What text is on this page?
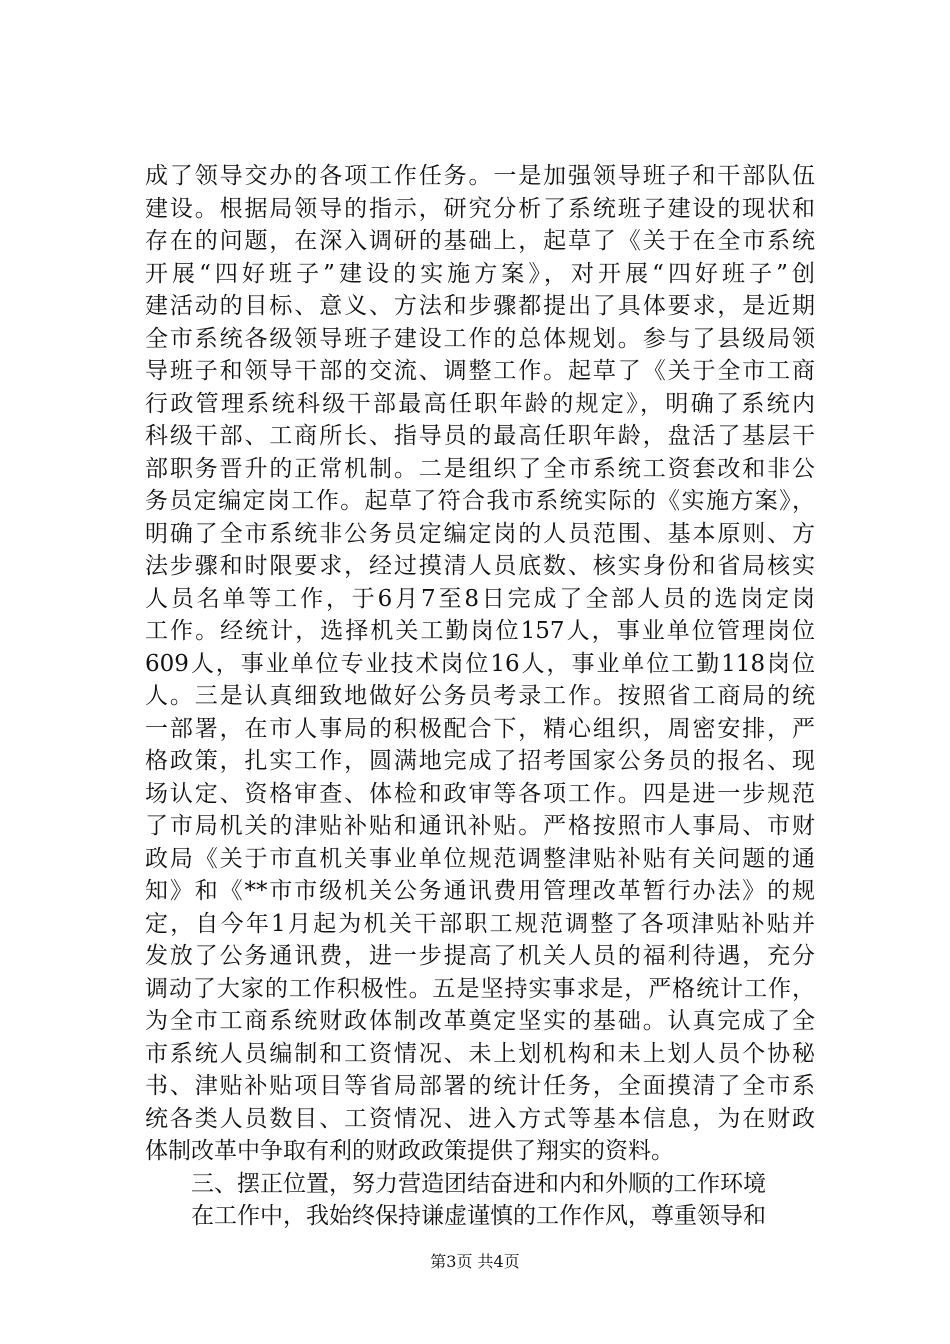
成了领导交办的各项工作任务。一是加强领导班子和干部队伍
建设。根据局领导的指示，研究分析了系统班子建设的现状和
存在的问题，在深入调研的基础上，起草了《关于在全市系统
开展“四好班子”建设的实施方案》，对开展“四好班子”创
建活动的目标、意义、方法和步骤都提出了具体要求，是近期
全市系统各级领导班子建设工作的总体规划。参与了县级局领
导班子和领导干部的交流、调整工作。起草了《关于全市工商
行政管理系统科级干部最高任职年龄的规定》，明确了系统内
科级干部、工商所长、指导员的最高任职年龄，盘活了基层干
部职务晋升的正常机制。二是组织了全市系统工资套改和非公
务员定编定岗工作。起草了符合我市系统实际的《实施方案》，
明确了全市系统非公务员定编定岗的人员范围、基本原则、方
法步骤和时限要求，经过摸清人员底数、核实身份和省局核实
人员名单等工作，于6月7至8日完成了全部人员的选岗定岗
工作。经统计，选择机关工勤岗位157人，事业单位管理岗位
609人，事业单位专业技术岗位16人，事业单位工勤118岗位
人。三是认真细致地做好公务员考录工作。按照省工商局的统
一部署，在市人事局的积极配合下，精心组织，周密安排，严
格政策，扎实工作，圆满地完成了招考国家公务员的报名、现
场认定、资格审查、体检和政审等各项工作。四是进一步规范
了市局机关的津贴补贴和通讯补贴。严格按照市人事局、市财
政局《关于市直机关事业单位规范调整津贴补贴有关问题的通
知》和《**市市级机关公务通讯费用管理改革暂行办法》的规
定，自今年1月起为机关干部职工规范调整了各项津贴补贴并
发放了公务通讯费，进一步提高了机关人员的福利待遇，充分
调动了大家的工作积极性。五是坚持实事求是，严格统计工作，
为全市工商系统财政体制改革奠定坚实的基础。认真完成了全
市系统人员编制和工资情况、未上划机构和未上划人员个协秘
书、津贴补贴项目等省局部署的统计任务，全面摸清了全市系
统各类人员数目、工资情况、进入方式等基本信息，为在财政
体制改革中争取有利的财政政策提供了翔实的资料。
三、摆正位置，努力营造团结奋进和内和外顺的工作环境
在工作中，我始终保持谦虚谨慎的工作作风，尊重领导和
第3页 共4页
